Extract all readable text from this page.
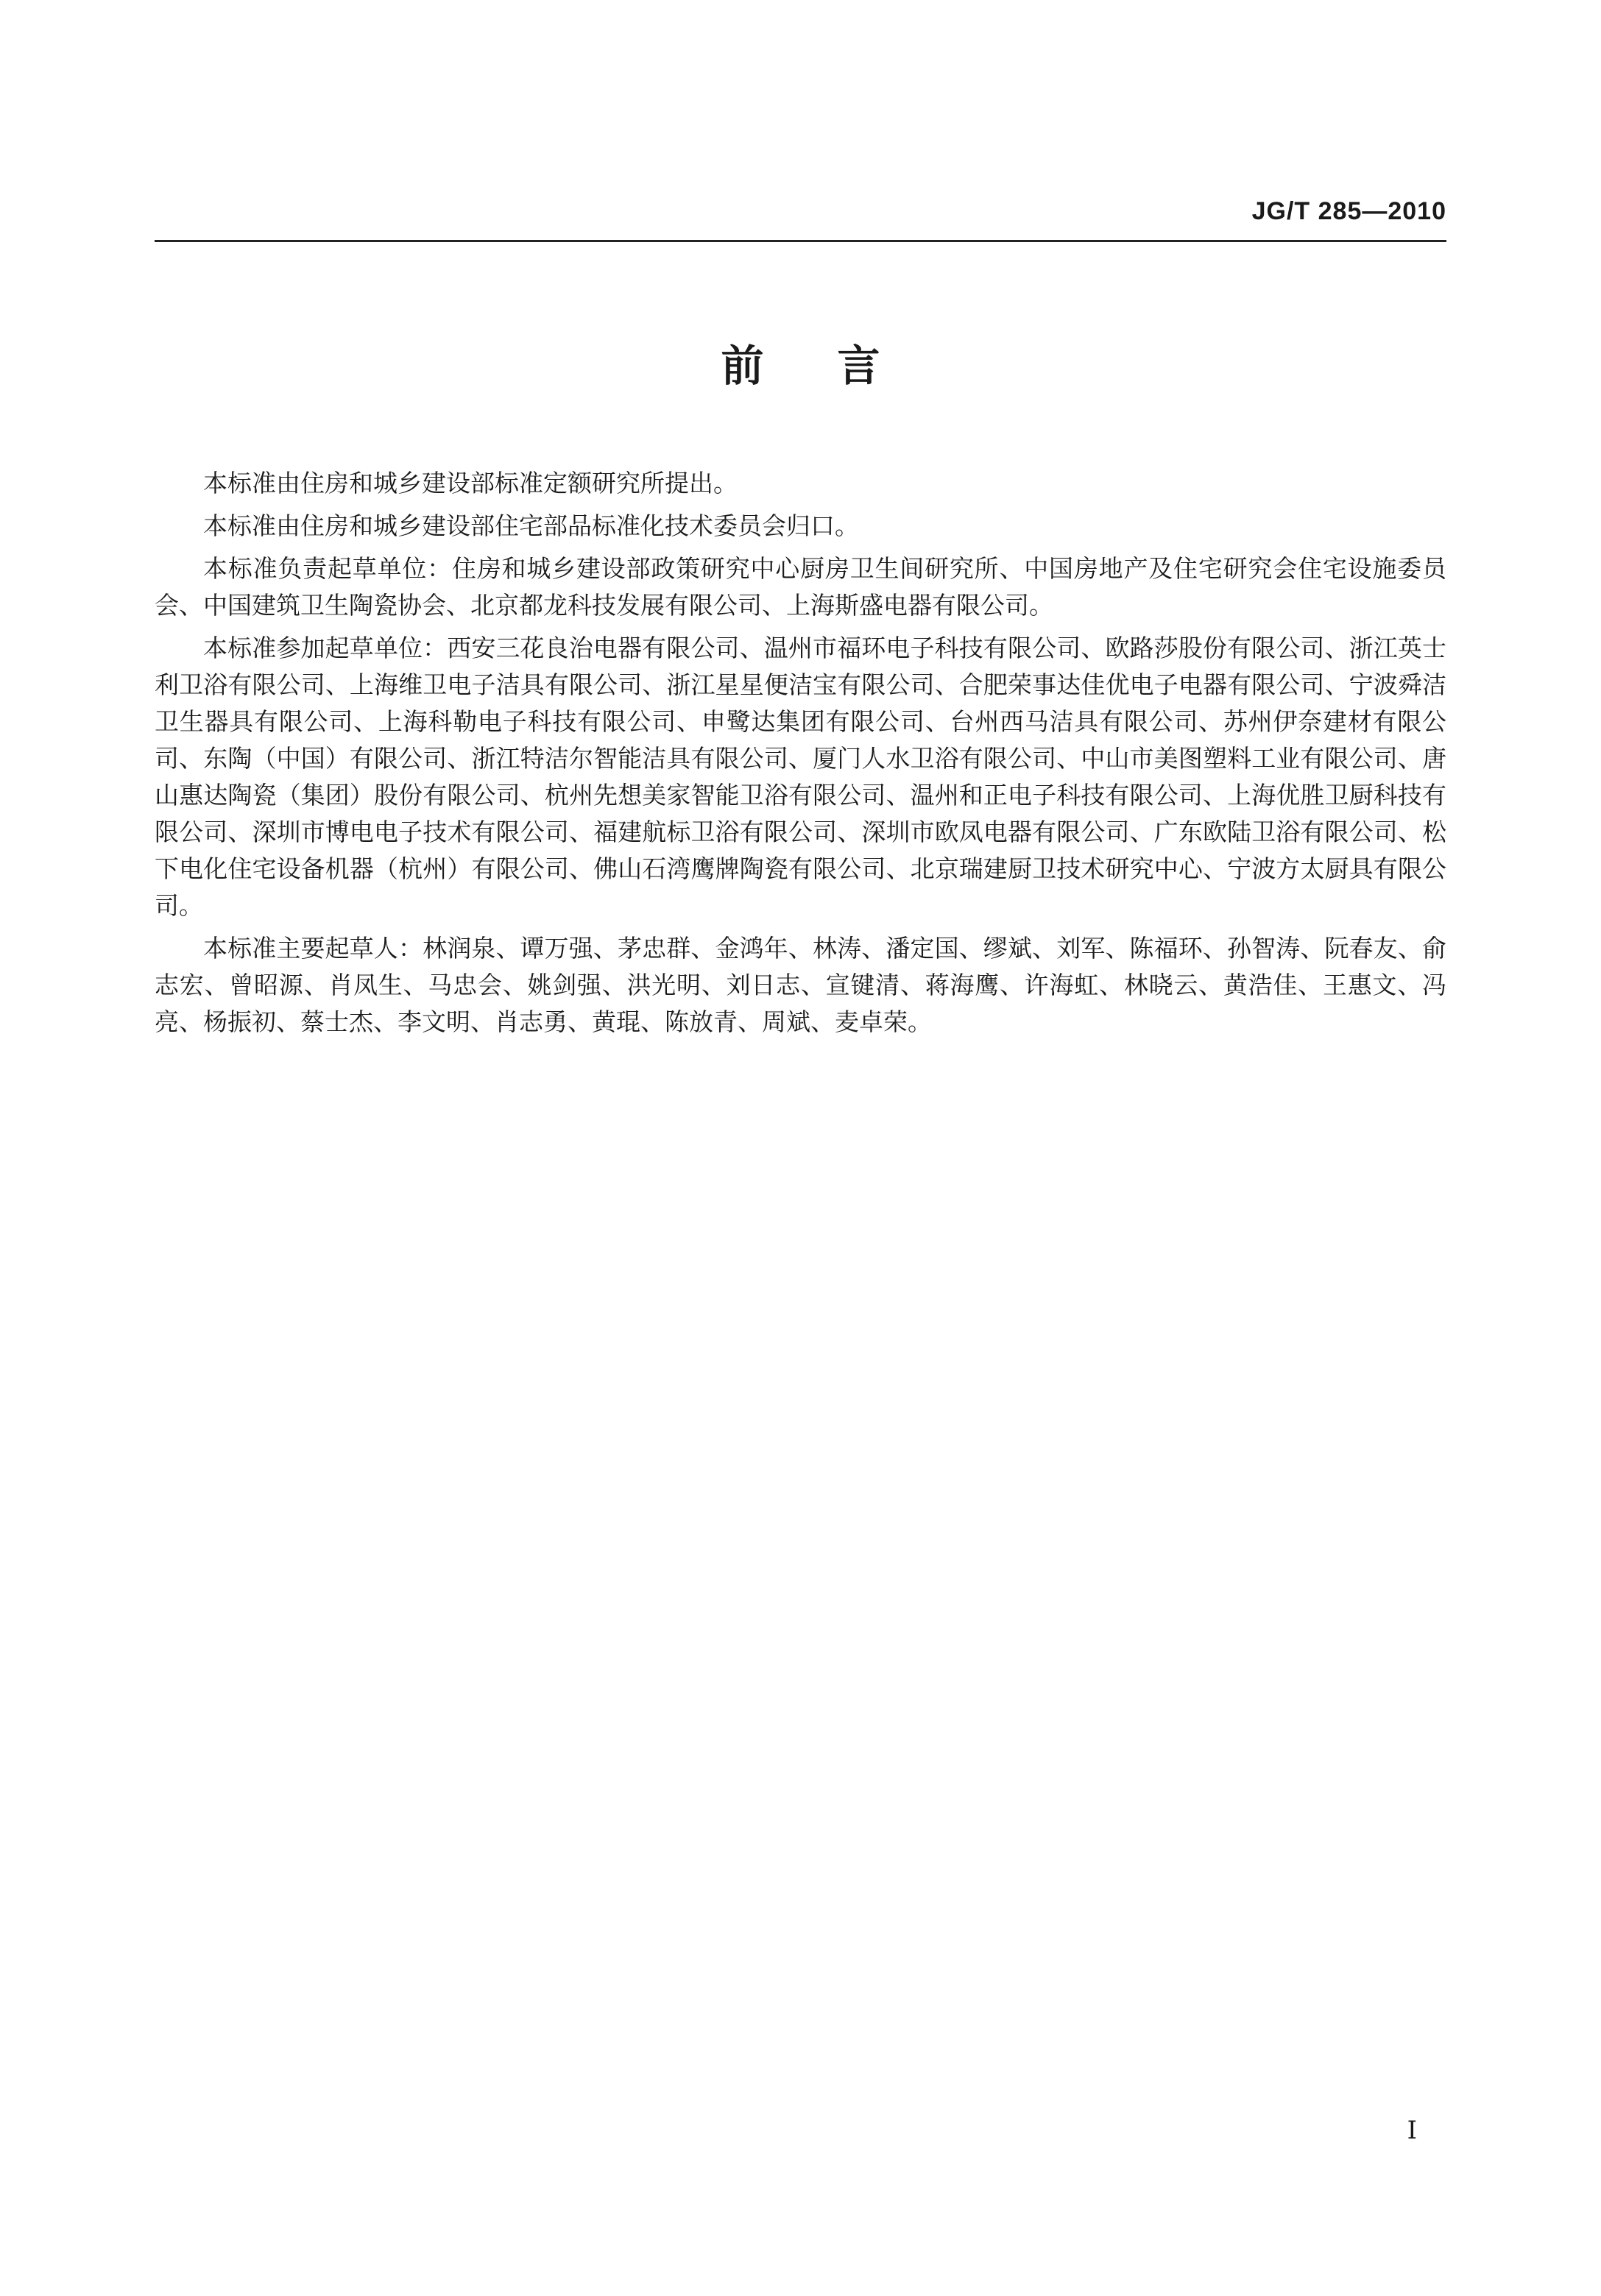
JG/T 285—2010
前言

本标准由住房和城乡建设部标准定额研究所提出。

本标准由住房和城乡建设部住宅部品标准化技术委员会归口。

本标准负责起草单位：住房和城乡建设部政策研究中心厨房卫生间研究所、中国房地产及住宅研究会住宅设施委员会、中国建筑卫生陶瓷协会、北京都龙科技发展有限公司、上海斯盛电器有限公司。

本标准参加起草单位：西安三花良治电器有限公司、温州市福环电子科技有限公司、欧路莎股份有限公司、浙江英士利卫浴有限公司、上海维卫电子洁具有限公司、浙江星星便洁宝有限公司、合肥荣事达佳优电子电器有限公司、宁波舜洁卫生器具有限公司、上海科勒电子科技有限公司、申鹭达集团有限公司、台州西马洁具有限公司、苏州伊奈建材有限公司、东陶（中国）有限公司、浙江特洁尔智能洁具有限公司、厦门人水卫浴有限公司、中山市美图塑料工业有限公司、唐山惠达陶瓷（集团）股份有限公司、杭州先想美家智能卫浴有限公司、温州和正电子科技有限公司、上海优胜卫厨科技有限公司、深圳市博电电子技术有限公司、福建航标卫浴有限公司、深圳市欧凤电器有限公司、广东欧陆卫浴有限公司、松下电化住宅设备机器（杭州）有限公司、佛山石湾鹰牌陶瓷有限公司、北京瑞建厨卫技术研究中心、宁波方太厨具有限公司。

本标准主要起草人：林润泉、谭万强、茅忠群、金鸿年、林涛、潘定国、缪斌、刘军、陈福环、孙智涛、阮春友、俞志宏、曾昭源、肖凤生、马忠会、姚剑强、洪光明、刘日志、宣键清、蒋海鹰、许海虹、林晓云、黄浩佳、王惠文、冯亮、杨振初、蔡士杰、李文明、肖志勇、黄琨、陈放青、周斌、麦卓荣。

I
